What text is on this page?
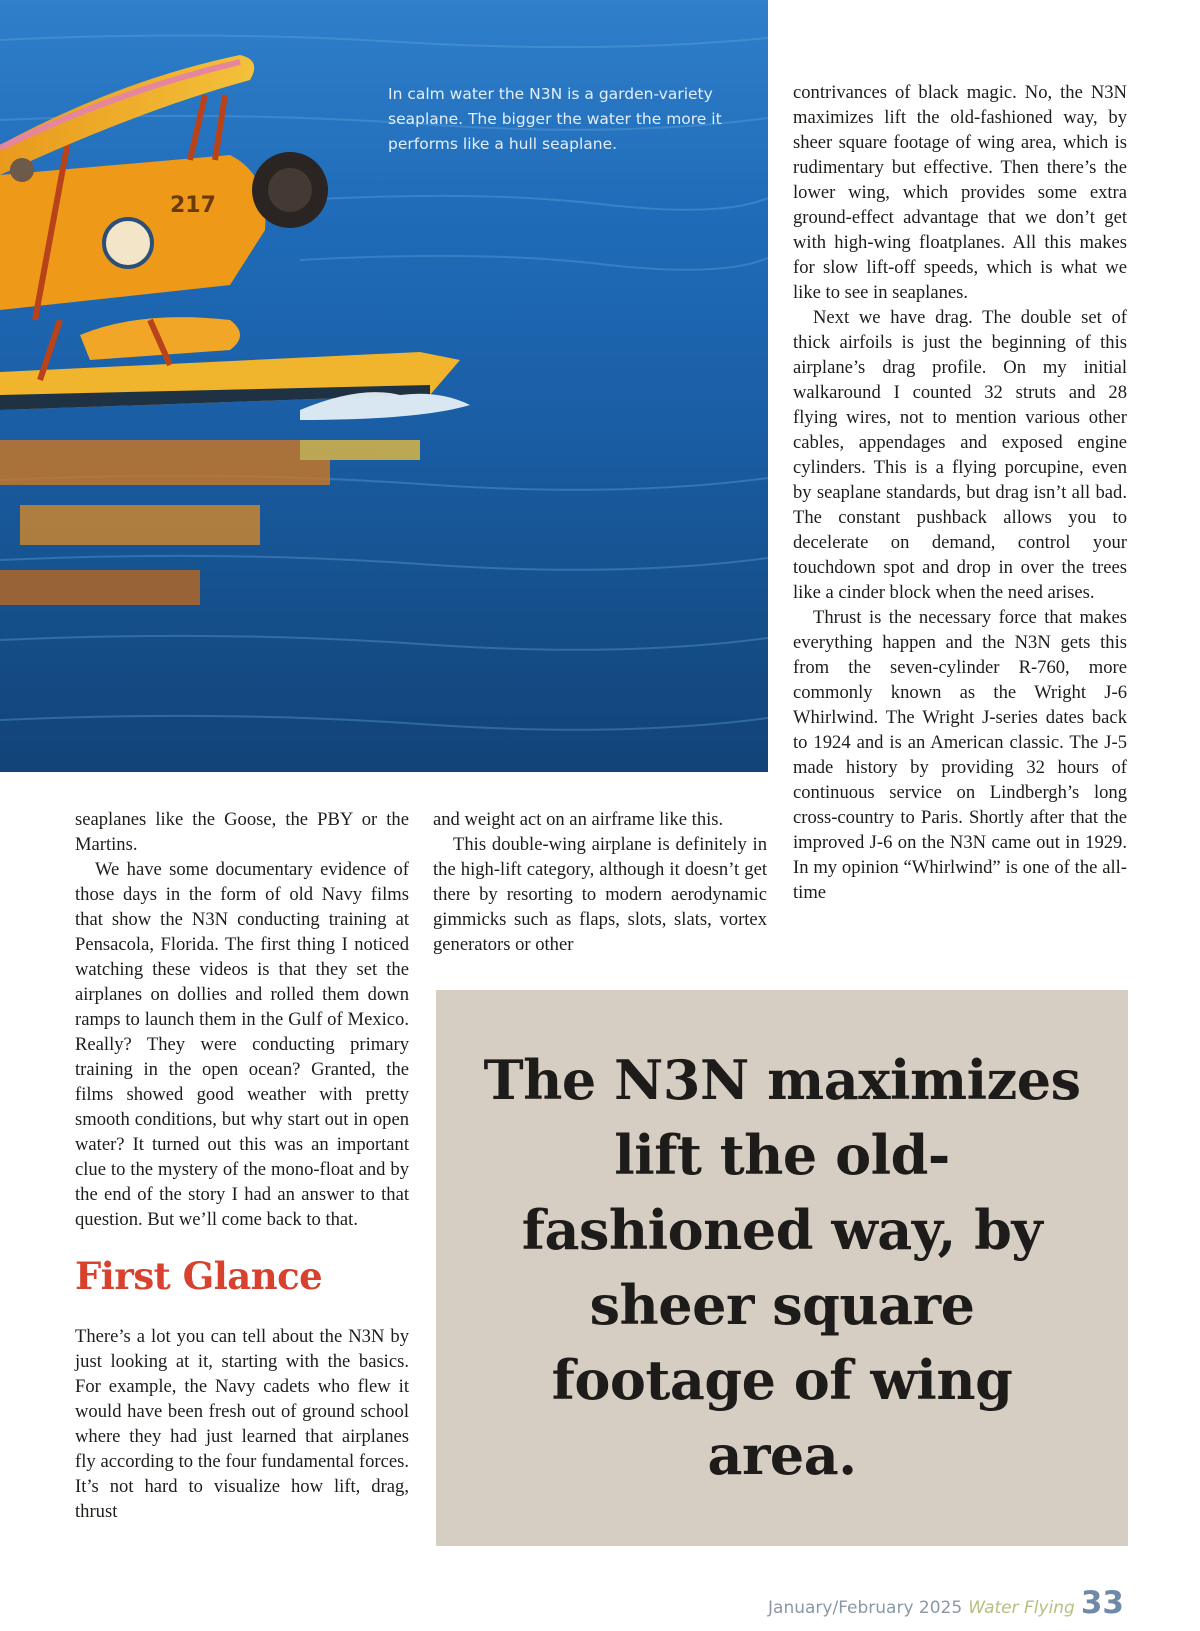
217
In calm water the N3N is a garden-variety seaplane. The bigger the water the more it performs like a hull seaplane.

contrivances of black magic. No, the N3N maximizes lift the old-fashioned way, by sheer square footage of wing area, which is rudimentary but effective. Then there’s the lower wing, which provides some extra ground-effect advantage that we don’t get with high-wing floatplanes. All this makes for slow lift-off speeds, which is what we like to see in seaplanes.

Next we have drag. The double set of thick airfoils is just the beginning of this airplane’s drag profile. On my initial walkaround I counted 32 struts and 28 flying wires, not to mention various other cables, appendages and exposed engine cylinders. This is a flying porcupine, even by seaplane standards, but drag isn’t all bad. The constant pushback allows you to decelerate on demand, control your touchdown spot and drop in over the trees like a cinder block when the need arises.

Thrust is the necessary force that makes everything happen and the N3N gets this from the seven-cylinder R-760, more commonly known as the Wright J-6 Whirlwind. The Wright J-series dates back to 1924 and is an American classic. The J-5 made history by providing 32 hours of continuous service on Lindbergh’s long cross-country to Paris. Shortly after that the improved J-6 on the N3N came out in 1929. In my opinion “Whirlwind” is one of the all-time

seaplanes like the Goose, the PBY or the Martins.

We have some documentary evidence of those days in the form of old Navy films that show the N3N conducting training at Pensacola, Florida. The first thing I noticed watching these videos is that they set the airplanes on dollies and rolled them down ramps to launch them in the Gulf of Mexico. Really? They were conducting primary training in the open ocean? Granted, the films showed good weather with pretty smooth conditions, but why start out in open water? It turned out this was an important clue to the mystery of the mono-float and by the end of the story I had an answer to that question. But we’ll come back to that.

First Glance

There’s a lot you can tell about the N3N by just looking at it, starting with the basics. For example, the Navy cadets who flew it would have been fresh out of ground school where they had just learned that airplanes fly according to the four fundamental forces. It’s not hard to visualize how lift, drag, thrust

and weight act on an airframe like this.

This double-wing airplane is definitely in the high-lift category, although it doesn’t get there by resorting to modern aerodynamic gimmicks such as flaps, slots, slats, vortex generators or other

The N3N maximizes lift the old-fashioned way, by sheer square footage of wing area.
January/February 2025 Water Flying 33
